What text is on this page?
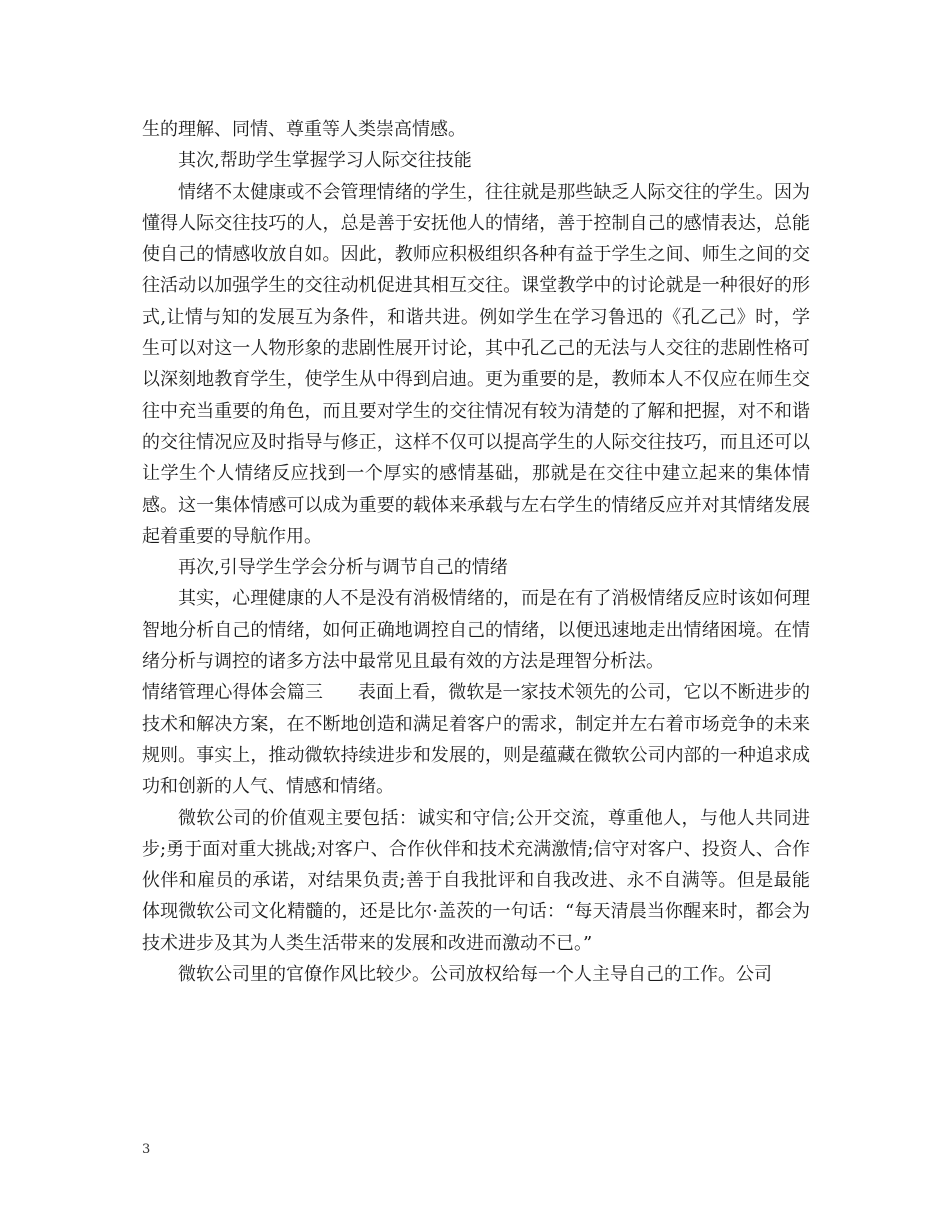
生的理解、同情、尊重等人类崇高情感。

其次,帮助学生掌握学习人际交往技能

情绪不太健康或不会管理情绪的学生，往往就是那些缺乏人际交往的学生。因为懂得人际交往技巧的人，总是善于安抚他人的情绪，善于控制自己的感情表达，总能使自己的情感收放自如。因此，教师应积极组织各种有益于学生之间、师生之间的交往活动以加强学生的交往动机促进其相互交往。课堂教学中的讨论就是一种很好的形式,让情与知的发展互为条件，和谐共进。例如学生在学习鲁迅的《孔乙己》时，学生可以对这一人物形象的悲剧性展开讨论，其中孔乙己的无法与人交往的悲剧性格可以深刻地教育学生，使学生从中得到启迪。更为重要的是，教师本人不仅应在师生交往中充当重要的角色，而且要对学生的交往情况有较为清楚的了解和把握，对不和谐的交往情况应及时指导与修正，这样不仅可以提高学生的人际交往技巧，而且还可以让学生个人情绪反应找到一个厚实的感情基础，那就是在交往中建立起来的集体情感。这一集体情感可以成为重要的载体来承载与左右学生的情绪反应并对其情绪发展起着重要的导航作用。

再次,引导学生学会分析与调节自己的情绪

其实，心理健康的人不是没有消极情绪的，而是在有了消极情绪反应时该如何理智地分析自己的情绪，如何正确地调控自己的情绪，以便迅速地走出情绪困境。在情绪分析与调控的诸多方法中最常见且最有效的方法是理智分析法。

情绪管理心得体会篇三 表面上看，微软是一家技术领先的公司，它以不断进步的技术和解决方案，在不断地创造和满足着客户的需求，制定并左右着市场竞争的未来规则。事实上，推动微软持续进步和发展的，则是蕴藏在微软公司内部的一种追求成功和创新的人气、情感和情绪。

微软公司的价值观主要包括：诚实和守信;公开交流，尊重他人，与他人共同进步;勇于面对重大挑战;对客户、合作伙伴和技术充满激情;信守对客户、投资人、合作伙伴和雇员的承诺，对结果负责;善于自我批评和自我改进、永不自满等。但是最能体现微软公司文化精髓的，还是比尔·盖茨的一句话：“每天清晨当你醒来时，都会为技术进步及其为人类生活带来的发展和改进而激动不已。”

微软公司里的官僚作风比较少。公司放权给每一个人主导自己的工作。公司

3
